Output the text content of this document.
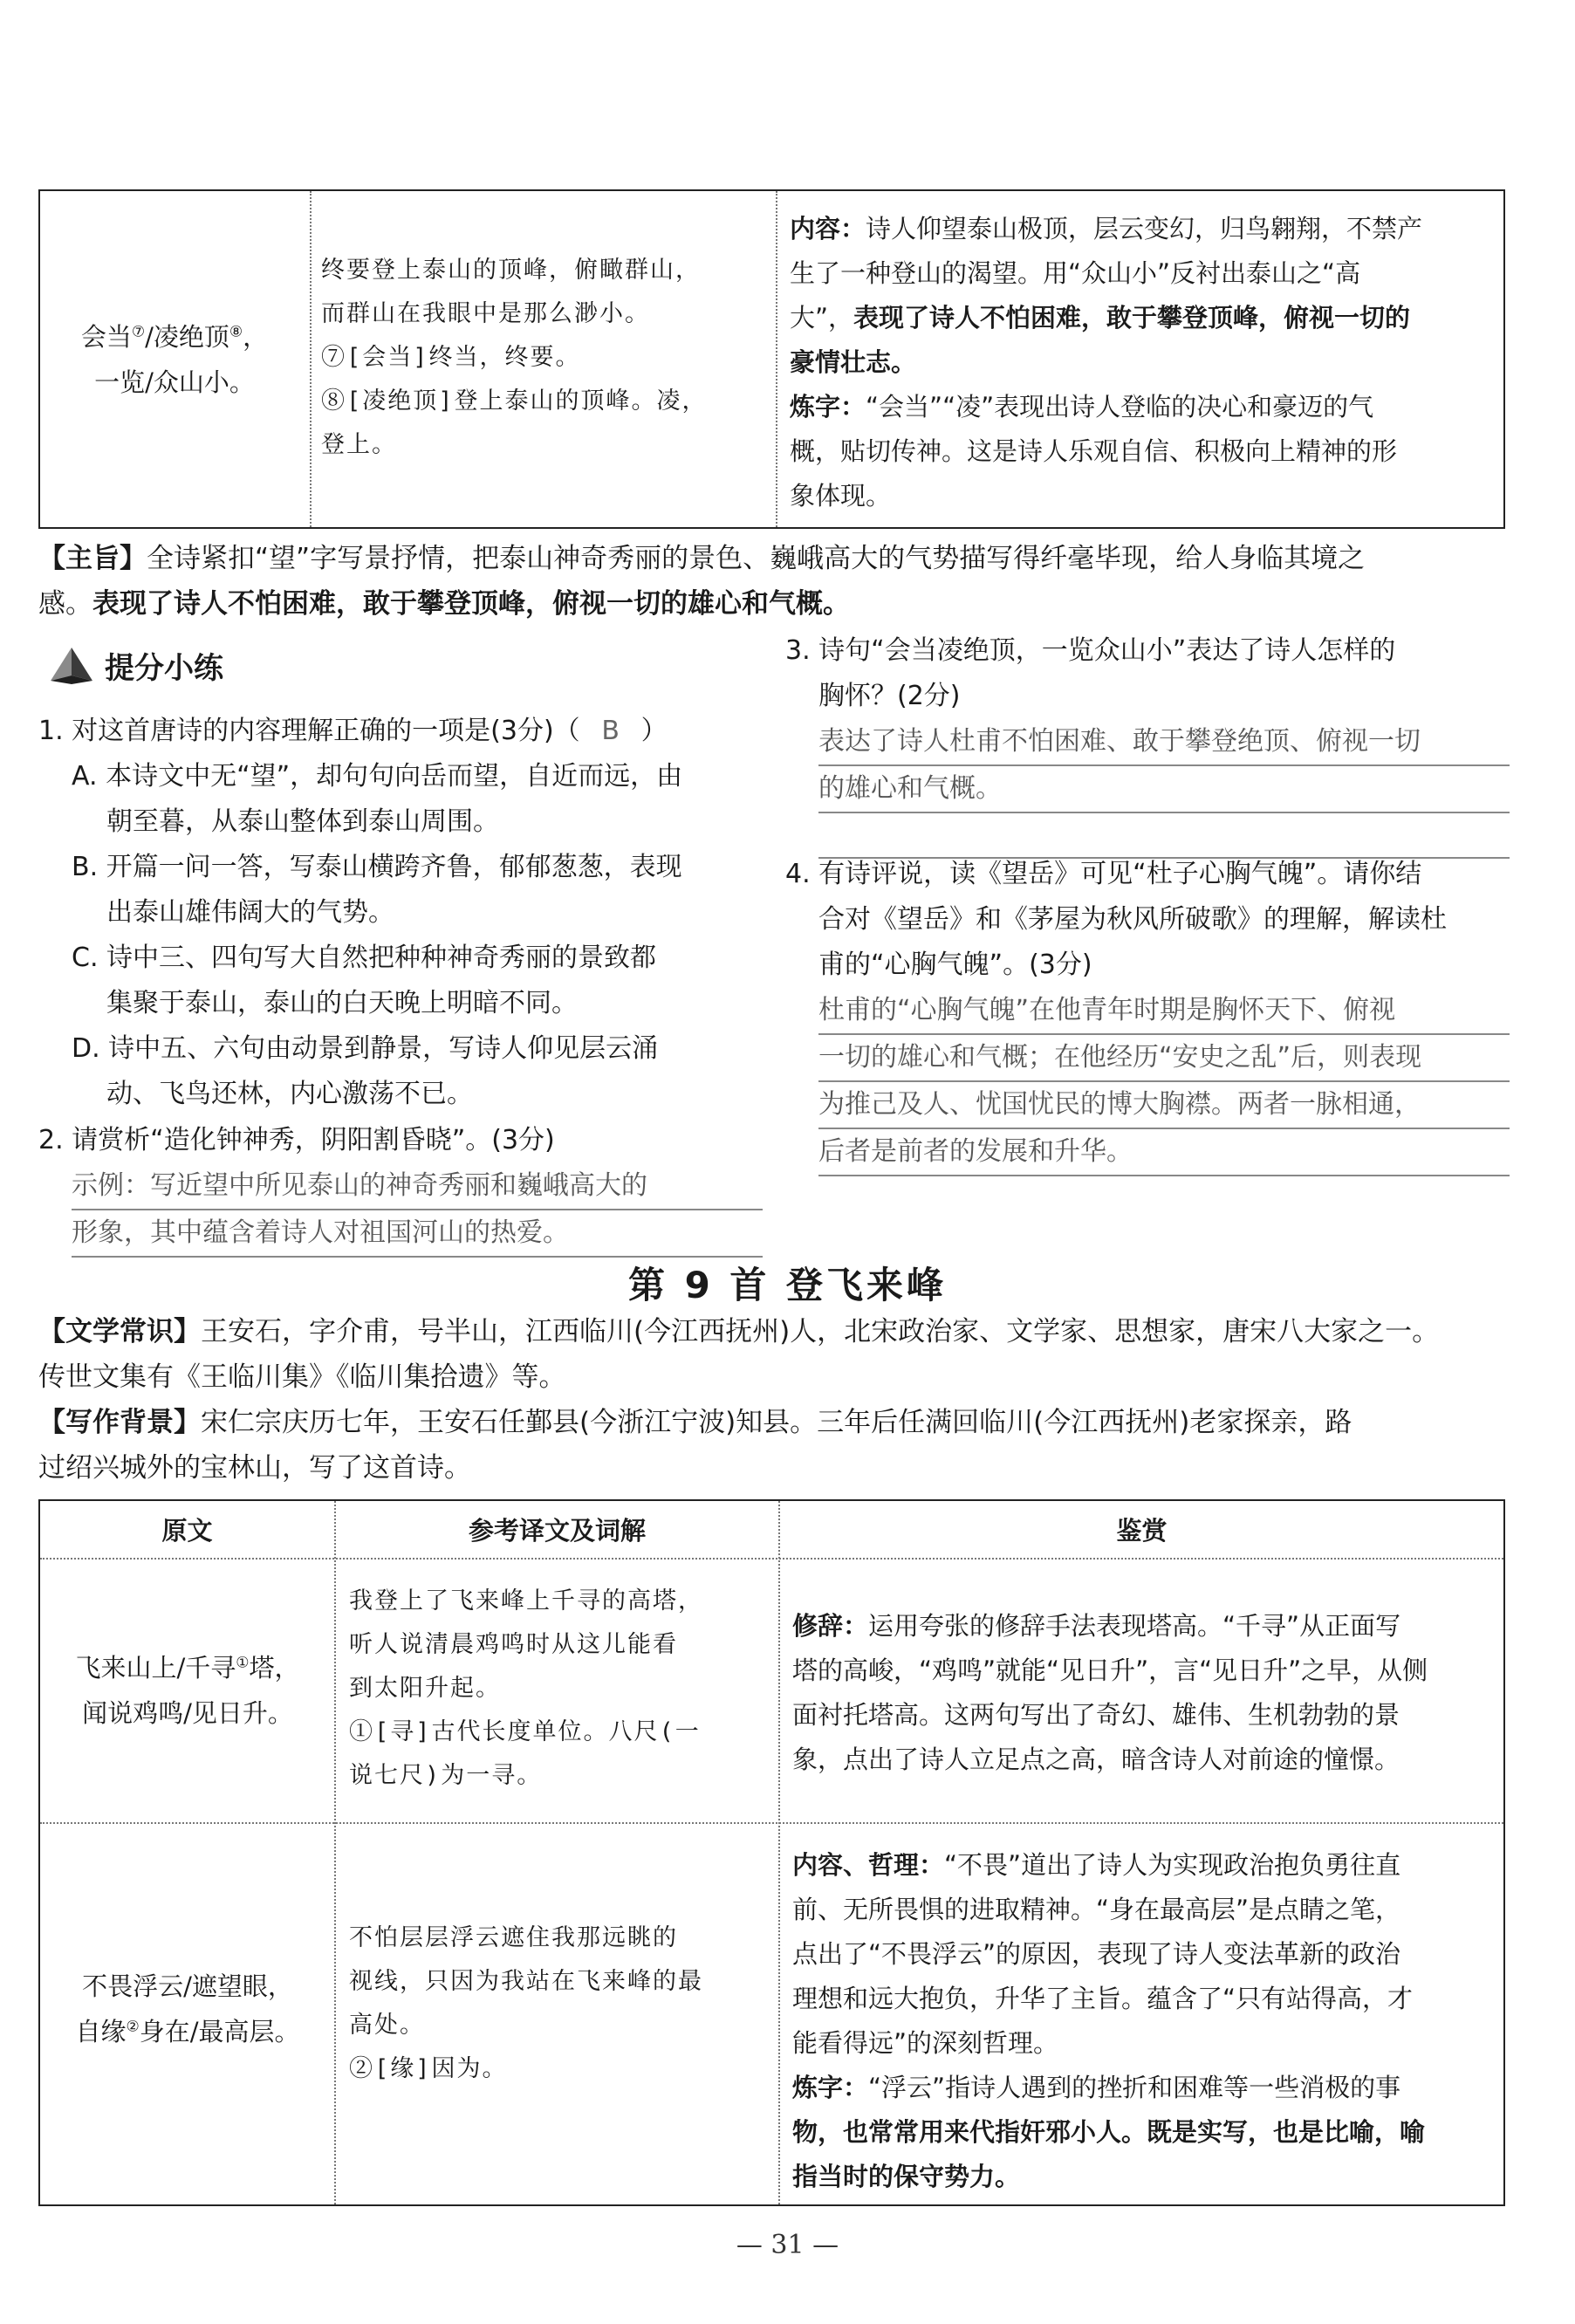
会当⑦/凌绝顶⑧，
一览/众山小。
终要登上泰山的顶峰，俯瞰群山，
而群山在我眼中是那么渺小。
⑦[会当]终当，终要。
⑧[凌绝顶]登上泰山的顶峰。凌，
登上。
内容：诗人仰望泰山极顶，层云变幻，归鸟翱翔，不禁产
生了一种登山的渴望。用“众山小”反衬出泰山之“高
大”，表现了诗人不怕困难，敢于攀登顶峰，俯视一切的
豪情壮志。
炼字：“会当”“凌”表现出诗人登临的决心和豪迈的气
概，贴切传神。这是诗人乐观自信、积极向上精神的形
象体现。
【主旨】全诗紧扣“望”字写景抒情，把泰山神奇秀丽的景色、巍峨高大的气势描写得纤毫毕现，给人身临其境之
感。表现了诗人不怕困难，敢于攀登顶峰，俯视一切的雄心和气概。
提分小练
1. 对这首唐诗的内容理解正确的一项是(3分)（ B ）
A. 本诗文中无“望”，却句句向岳而望，自近而远，由
朝至暮，从泰山整体到泰山周围。
B. 开篇一问一答，写泰山横跨齐鲁，郁郁葱葱，表现
出泰山雄伟阔大的气势。
C. 诗中三、四句写大自然把种种神奇秀丽的景致都
集聚于泰山，泰山的白天晚上明暗不同。
D. 诗中五、六句由动景到静景，写诗人仰见层云涌
动、飞鸟还林，内心激荡不已。
2. 请赏析“造化钟神秀，阴阳割昏晓”。(3分)
示例：写近望中所见泰山的神奇秀丽和巍峨高大的
形象，其中蕴含着诗人对祖国河山的热爱。
3. 诗句“会当凌绝顶，一览众山小”表达了诗人怎样的
胸怀？(2分)
表达了诗人杜甫不怕困难、敢于攀登绝顶、俯视一切
的雄心和气概。
4. 有诗评说，读《望岳》可见“杜子心胸气魄”。请你结
合对《望岳》和《茅屋为秋风所破歌》的理解，解读杜
甫的“心胸气魄”。(3分)
杜甫的“心胸气魄”在他青年时期是胸怀天下、俯视
一切的雄心和气概；在他经历“安史之乱”后，则表现
为推己及人、忧国忧民的博大胸襟。两者一脉相通，
后者是前者的发展和升华。
第 9 首 登飞来峰
【文学常识】王安石，字介甫，号半山，江西临川(今江西抚州)人，北宋政治家、文学家、思想家，唐宋八大家之一。
传世文集有《王临川集》《临川集拾遗》等。
【写作背景】宋仁宗庆历七年，王安石任鄞县(今浙江宁波)知县。三年后任满回临川(今江西抚州)老家探亲，路
过绍兴城外的宝林山，写了这首诗。
原文	参考译文及词解	鉴赏
飞来山上/千寻①塔，
闻说鸡鸣/见日升。
我登上了飞来峰上千寻的高塔，
听人说清晨鸡鸣时从这儿能看
到太阳升起。
①[寻]古代长度单位。八尺(一
说七尺)为一寻。
修辞：运用夸张的修辞手法表现塔高。“千寻”从正面写
塔的高峻，“鸡鸣”就能“见日升”，言“见日升”之早，从侧
面衬托塔高。这两句写出了奇幻、雄伟、生机勃勃的景
象，点出了诗人立足点之高，暗含诗人对前途的憧憬。
不畏浮云/遮望眼，
自缘②身在/最高层。
不怕层层浮云遮住我那远眺的
视线，只因为我站在飞来峰的最
高处。
②[缘]因为。
内容、哲理：“不畏”道出了诗人为实现政治抱负勇往直
前、无所畏惧的进取精神。“身在最高层”是点睛之笔，
点出了“不畏浮云”的原因，表现了诗人变法革新的政治
理想和远大抱负，升华了主旨。蕴含了“只有站得高，才
能看得远”的深刻哲理。
炼字：“浮云”指诗人遇到的挫折和困难等一些消极的事
物，也常常用来代指奸邪小人。既是实写，也是比喻，喻
指当时的保守势力。
— 31 —
